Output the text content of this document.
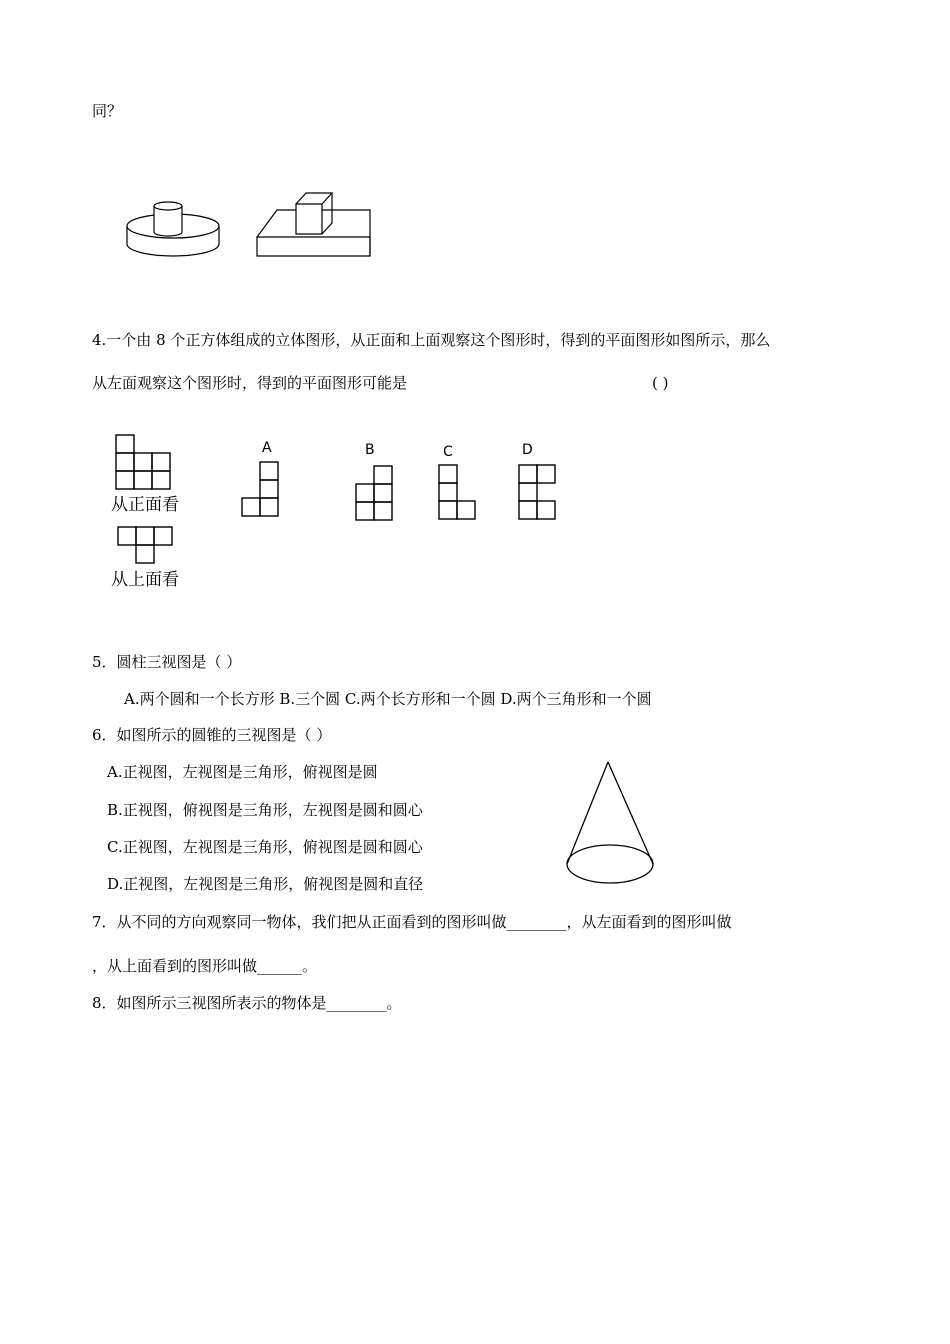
同？
4.一个由 8 个正方体组成的立体图形，从正面和上面观察这个图形时，得到的平面图形如图所示，那么
从左面观察这个图形时，得到的平面图形可能是	( )
从正面看
从上面看
A	B	C	D
5．圆柱三视图是（ ）
A.两个圆和一个长方形 B.三个圆 C.两个长方形和一个圆 D.两个三角形和一个圆
6．如图所示的圆锥的三视图是（ ）
A.正视图，左视图是三角形，俯视图是圆
B.正视图，俯视图是三角形，左视图是圆和圆心
C.正视图，左视图是三角形，俯视图是圆和圆心
D.正视图，左视图是三角形，俯视图是圆和直径
7．从不同的方向观察同一物体，我们把从正面看到的图形叫做________，从左面看到的图形叫做
，从上面看到的图形叫做______。
8．如图所示三视图所表示的物体是________。
